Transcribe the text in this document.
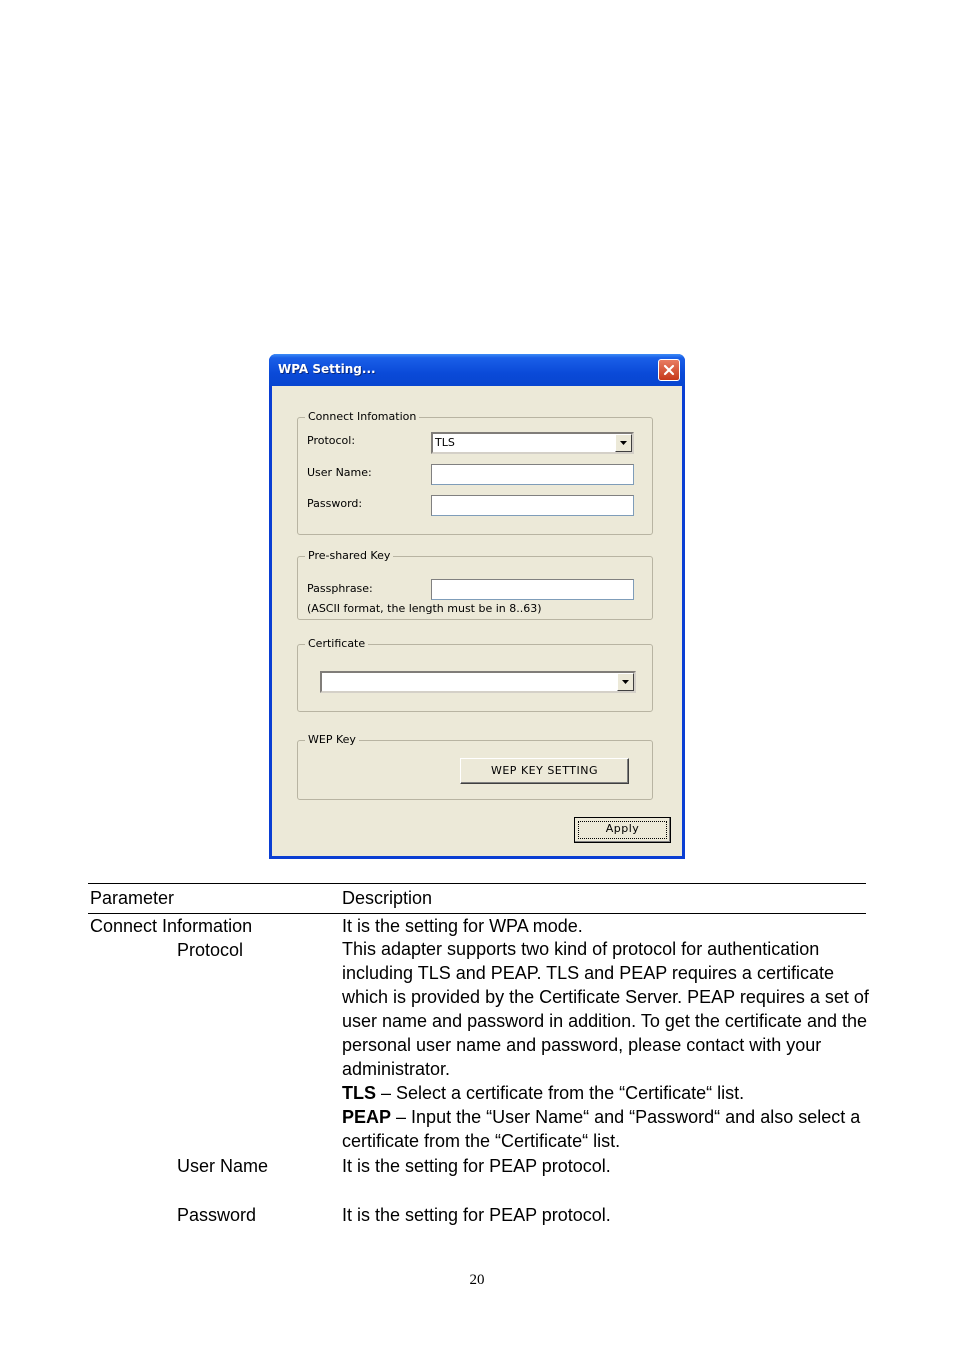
WPA Setting...
Connect Infomation
Protocol:	TLS
User Name:
Password:
Pre-shared Key
Passphrase:
(ASCII format, the length must be in 8..63)
Certificate
WEP Key
WEP KEY SETTING
Apply
Parameter	Description
Connect Information	It is the setting for WPA mode.
Protocol	This adapter supports two kind of protocol for authentication including TLS and PEAP. TLS and PEAP requires a certificate which is provided by the Certificate Server. PEAP requires a set of user name and password in addition. To get the certificate and the personal user name and password, please contact with your administrator.

TLS – Select a certificate from the “Certificate“ list.

PEAP – Input the “User Name“ and “Password“ and also select a certificate from the “Certificate“ list.

User Name	It is the setting for PEAP protocol.
Password	It is the setting for PEAP protocol.
20
